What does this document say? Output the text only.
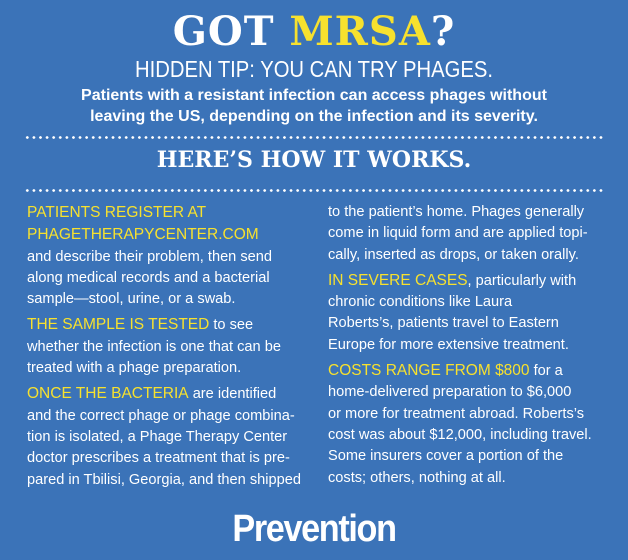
GOT MRSA?
HIDDEN TIP: YOU CAN TRY PHAGES.
Patients with a resistant infection can access phages without
leaving the US, depending on the infection and its severity.
HERE’S HOW IT WORKS.
PATIENTS REGISTER AT
PHAGETHERAPYCENTER.COM
and describe their problem, then send
along medical records and a bacterial
sample—stool, urine, or a swab.
THE SAMPLE IS TESTED to see
whether the infection is one that can be
treated with a phage preparation.
ONCE THE BACTERIA are identified
and the correct phage or phage combina-
tion is isolated, a Phage Therapy Center
doctor prescribes a treatment that is pre-
pared in Tbilisi, Georgia, and then shipped
to the patient’s home. Phages generally
come in liquid form and are applied topi-
cally, inserted as drops, or taken orally.
IN SEVERE CASES, particularly with
chronic conditions like Laura
Roberts’s, patients travel to Eastern
Europe for more extensive treatment.
COSTS RANGE FROM $800 for a
home-delivered preparation to $6,000
or more for treatment abroad. Roberts’s
cost was about $12,000, including travel.
Some insurers cover a portion of the
costs; others, nothing at all.
Prevention
